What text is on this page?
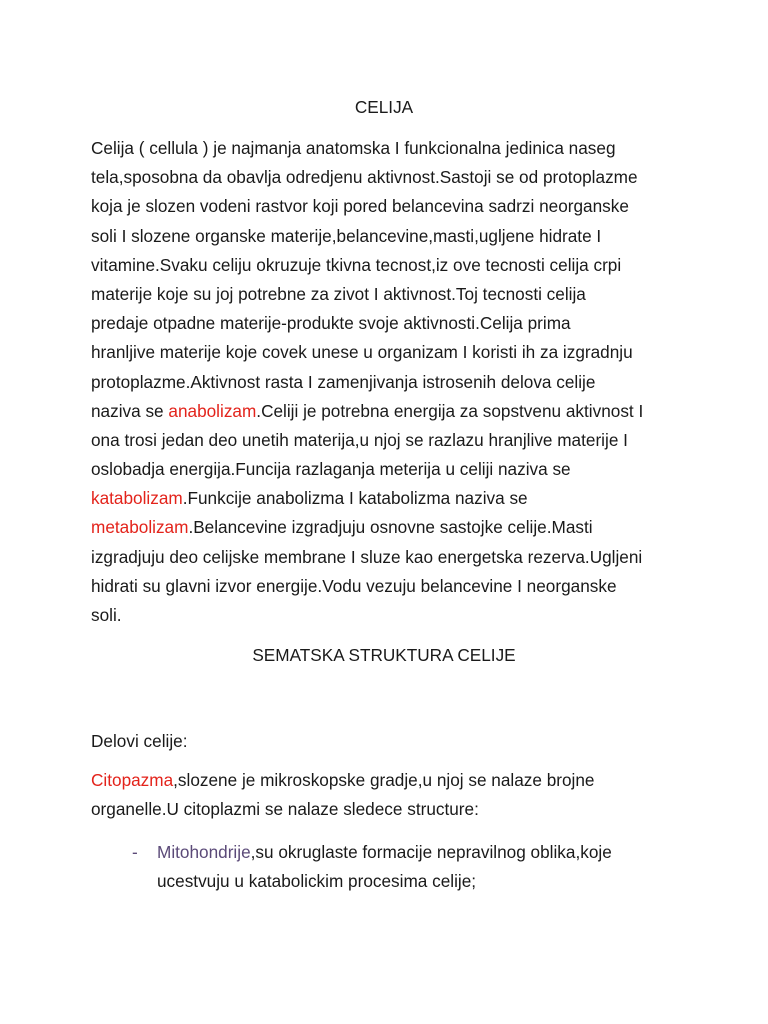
CELIJA
Celija ( cellula ) je najmanja anatomska I funkcionalna jedinica naseg
tela,sposobna da obavlja odredjenu aktivnost.Sastoji se od protoplazme
koja je slozen vodeni rastvor koji pored belancevina sadrzi neorganske
soli I slozene organske materije,belancevine,masti,ugljene hidrate I
vitamine.Svaku celiju okruzuje tkivna tecnost,iz ove tecnosti celija crpi
materije koje su joj potrebne za zivot I aktivnost.Toj tecnosti celija
predaje otpadne materije-produkte svoje aktivnosti.Celija prima
hranljive materije koje covek unese u organizam I koristi ih za izgradnju
protoplazme.Aktivnost rasta I zamenjivanja istrosenih delova celije
naziva se anabolizam.Celiji je potrebna energija za sopstvenu aktivnost I
ona trosi jedan deo unetih materija,u njoj se razlazu hranjlive materije I
oslobadja energija.Funcija razlaganja meterija u celiji naziva se
katabolizam.Funkcije anabolizma I katabolizma naziva se
metabolizam.Belancevine izgradjuju osnovne sastojke celije.Masti
izgradjuju deo celijske membrane I sluze kao energetska rezerva.Ugljeni
hidrati su glavni izvor energije.Vodu vezuju belancevine I neorganske
soli.
SEMATSKA STRUKTURA CELIJE
Delovi celije:
Citopazma,slozene je mikroskopske gradje,u njoj se nalaze brojne
organelle.U citoplazmi se nalaze sledece structure:
- Mitohondrije,su okruglaste formacije nepravilnog oblika,koje
ucestvuju u katabolickim procesima celije;
